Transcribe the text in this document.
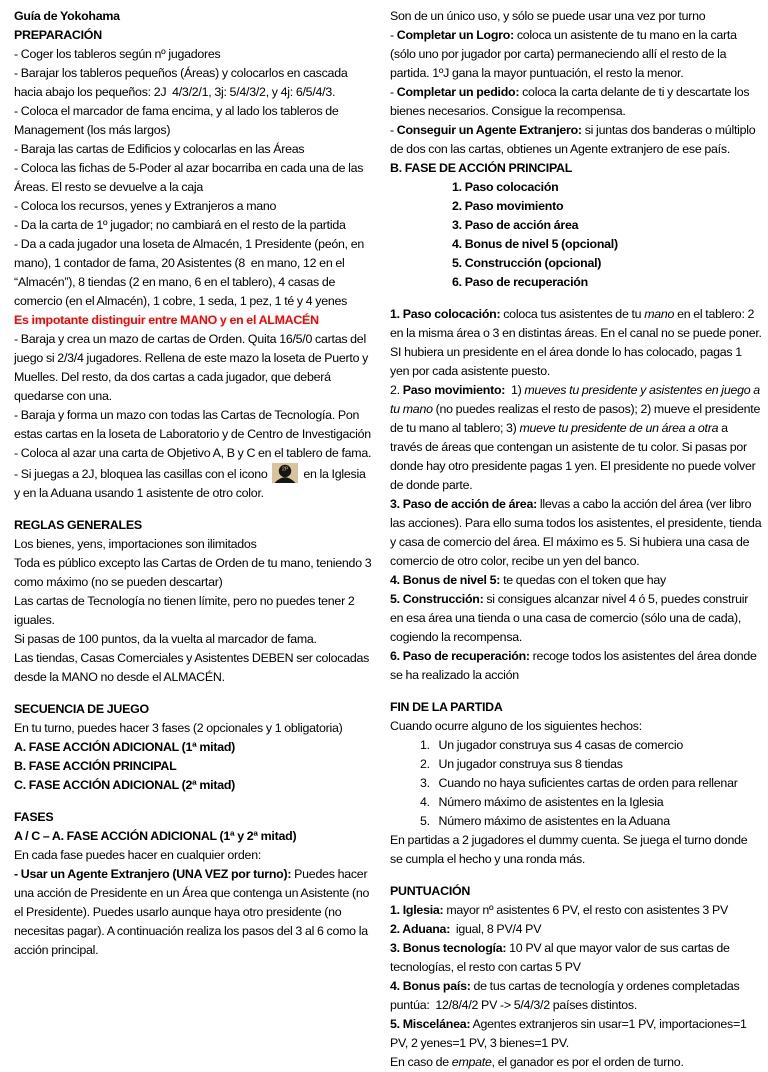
Guía de Yokohama
PREPARACIÓN
- Coger los tableros según nº jugadores
- Barajar los tableros pequeños (Áreas) y colocarlos en cascada hacia abajo los pequeños: 2J  4/3/2/1, 3j: 5/4/3/2, y 4j: 6/5/4/3.
- Coloca el marcador de fama encima, y al lado los tableros de Management (los más largos)
- Baraja las cartas de Edificios y colocarlas en las Áreas
- Coloca las fichas de 5-Poder al azar bocarriba en cada una de las Áreas. El resto se devuelve a la caja
- Coloca los recursos, yenes y Extranjeros a mano
- Da la carta de 1º jugador; no cambiará en el resto de la partida
- Da a cada jugador una loseta de Almacén, 1 Presidente (peón, en mano), 1 contador de fama, 20 Asistentes (8  en mano, 12 en el “Almacén”), 8 tiendas (2 en mano, 6 en el tablero), 4 casas de comercio (en el Almacén), 1 cobre, 1 seda, 1 pez, 1 té y 4 yenes
Es impotante distinguir entre MANO y en el ALMACÉN
- Baraja y crea un mazo de cartas de Orden. Quita 16/5/0 cartas del juego si 2/3/4 jugadores. Rellena de este mazo la loseta de Puerto y Muelles. Del resto, da dos cartas a cada jugador, que deberá quedarse con una.
- Baraja y forma un mazo con todas las Cartas de Tecnología. Pon estas cartas en la loseta de Laboratorio y de Centro de Investigación
- Coloca al azar una carta de Objetivo A, B y C en el tablero de fama.
- Si juegas a 2J, bloquea las casillas con el icono 2P en la Iglesia y en la Aduana usando 1 asistente de otro color.
REGLAS GENERALES
Los bienes, yens, importaciones son ilimitados
Toda es público excepto las Cartas de Orden de tu mano, teniendo 3 como máximo (no se pueden descartar)
Las cartas de Tecnología no tienen límite, pero no puedes tener 2 iguales.
Si pasas de 100 puntos, da la vuelta al marcador de fama.
Las tiendas, Casas Comerciales y Asistentes DEBEN ser colocadas desde la MANO no desde el ALMACÉN.
SECUENCIA DE JUEGO
En tu turno, puedes hacer 3 fases (2 opcionales y 1 obligatoria)
A. FASE ACCIÓN ADICIONAL (1ª mitad)
B. FASE ACCIÓN PRINCIPAL
C. FASE ACCIÓN ADICIONAL (2ª mitad)
FASES
A / C – A. FASE ACCIÓN ADICIONAL (1ª y 2ª mitad)
En cada fase puedes hacer en cualquier orden:
- Usar un Agente Extranjero (UNA VEZ por turno): Puedes hacer una acción de Presidente en un Área que contenga un Asistente (no el Presidente). Puedes usarlo aunque haya otro presidente (no necesitas pagar). A continuación realiza los pasos del 3 al 6 como la acción principal.
Son de un único uso, y sólo se puede usar una vez por turno
- Completar un Logro: coloca un asistente de tu mano en la carta (sólo uno por jugador por carta) permaneciendo allí el resto de la partida. 1ºJ gana la mayor puntuación, el resto la menor.
- Completar un pedido: coloca la carta delante de ti y descartate los bienes necesarios. Consigue la recompensa.
- Conseguir un Agente Extranjero: si juntas dos banderas o múltiplo de dos con las cartas, obtienes un Agente extranjero de ese país.
B. FASE DE ACCIÓN PRINCIPAL
1. Paso colocación
2. Paso movimiento
3. Paso de acción área
4. Bonus de nivel 5 (opcional)
5. Construcción (opcional)
6. Paso de recuperación
1. Paso colocación: coloca tus asistentes de tu mano en el tablero: 2 en la misma área o 3 en distintas áreas. En el canal no se puede poner. SI hubiera un presidente en el área donde lo has colocado, pagas 1 yen por cada asistente puesto.
2. Paso movimiento:  1) mueves tu presidente y asistentes en juego a tu mano (no puedes realizas el resto de pasos); 2) mueve el presidente de tu mano al tablero; 3) mueve tu presidente de un área a otra a través de áreas que contengan un asistente de tu color. Si pasas por donde hay otro presidente pagas 1 yen. El presidente no puede volver de donde parte.
3. Paso de acción de área: llevas a cabo la acción del área (ver libro las acciones). Para ello suma todos los asistentes, el presidente, tienda y casa de comercio del área. El máximo es 5. Si hubiera una casa de comercio de otro color, recibe un yen del banco.
4. Bonus de nivel 5: te quedas con el token que hay
5. Construcción: si consigues alcanzar nivel 4 ó 5, puedes construir en esa área una tienda o una casa de comercio (sólo una de cada), cogiendo la recompensa.
6. Paso de recuperación: recoge todos los asistentes del área donde se ha realizado la acción
FIN DE LA PARTIDA
Cuando ocurre alguno de los siguientes hechos:
1.   Un jugador construya sus 4 casas de comercio
2.   Un jugador construya sus 8 tiendas
3.   Cuando no haya suficientes cartas de orden para rellenar
4.   Número máximo de asistentes en la Iglesia
5.   Número máximo de asistentes en la Aduana
En partidas a 2 jugadores el dummy cuenta. Se juega el turno donde se cumpla el hecho y una ronda más.
PUNTUACIÓN
1. Iglesia: mayor nº asistentes 6 PV, el resto con asistentes 3 PV
2. Aduana:  igual, 8 PV/4 PV
3. Bonus tecnología: 10 PV al que mayor valor de sus cartas de tecnologías, el resto con cartas 5 PV
4. Bonus país: de tus cartas de tecnología y ordenes completadas puntúa:  12/8/4/2 PV -> 5/4/3/2 países distintos.
5. Miscelánea: Agentes extranjeros sin usar=1 PV, importaciones=1 PV, 2 yenes=1 PV, 3 bienes=1 PV.
En caso de empate, el ganador es por el orden de turno.
